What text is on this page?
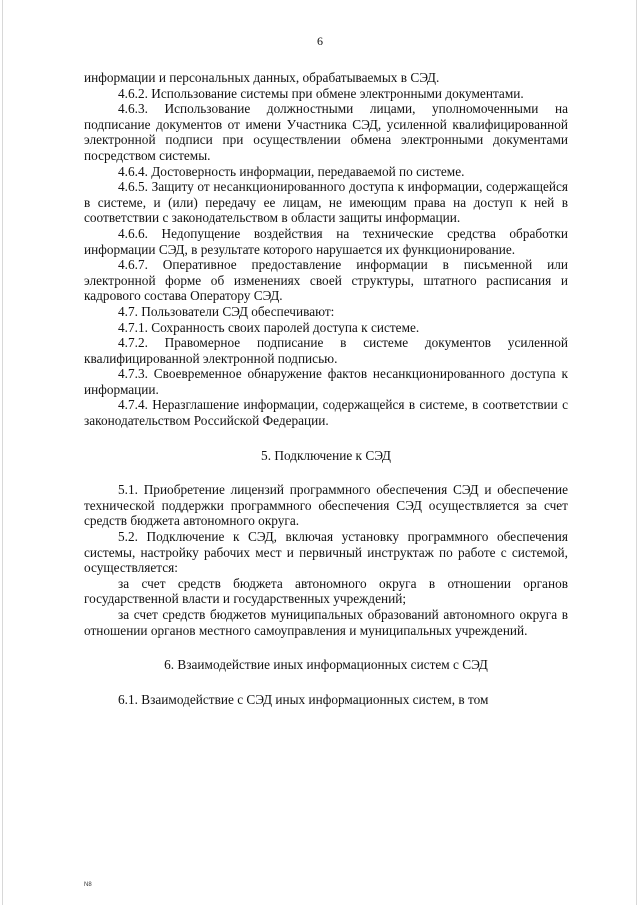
6

информации и персональных данных, обрабатываемых в СЭД.

4.6.2. Использование системы при обмене электронными документами.

4.6.3. Использование должностными лицами, уполномоченными на подписание документов от имени Участника СЭД, усиленной квалифицированной электронной подписи при осуществлении обмена электронными документами посредством системы.

4.6.4. Достоверность информации, передаваемой по системе.

4.6.5. Защиту от несанкционированного доступа к информации, содержащейся в системе, и (или) передачу ее лицам, не имеющим права на доступ к ней в соответствии с законодательством в области защиты информации.

4.6.6. Недопущение воздействия на технические средства обработки информации СЭД, в результате которого нарушается их функционирование.

4.6.7. Оперативное предоставление информации в письменной или электронной форме об изменениях своей структуры, штатного расписания и кадрового состава Оператору СЭД.

4.7. Пользователи СЭД обеспечивают:

4.7.1. Сохранность своих паролей доступа к системе.

4.7.2. Правомерное подписание в системе документов усиленной квалифицированной электронной подписью.

4.7.3. Своевременное обнаружение фактов несанкционированного доступа к информации.

4.7.4. Неразглашение информации, содержащейся в системе, в соответствии с законодательством Российской Федерации.

5. Подключение к СЭД

5.1. Приобретение лицензий программного обеспечения СЭД и обеспечение технической поддержки программного обеспечения СЭД осуществляется за счет средств бюджета автономного округа.

5.2. Подключение к СЭД, включая установку программного обеспечения системы, настройку рабочих мест и первичный инструктаж по работе с системой, осуществляется:

за счет средств бюджета автономного округа в отношении органов государственной власти и государственных учреждений;

за счет средств бюджетов муниципальных образований автономного округа в отношении органов местного самоуправления и муниципальных учреждений.

6. Взаимодействие иных информационных систем с СЭД

6.1. Взаимодействие с СЭД иных информационных систем, в том

N8
